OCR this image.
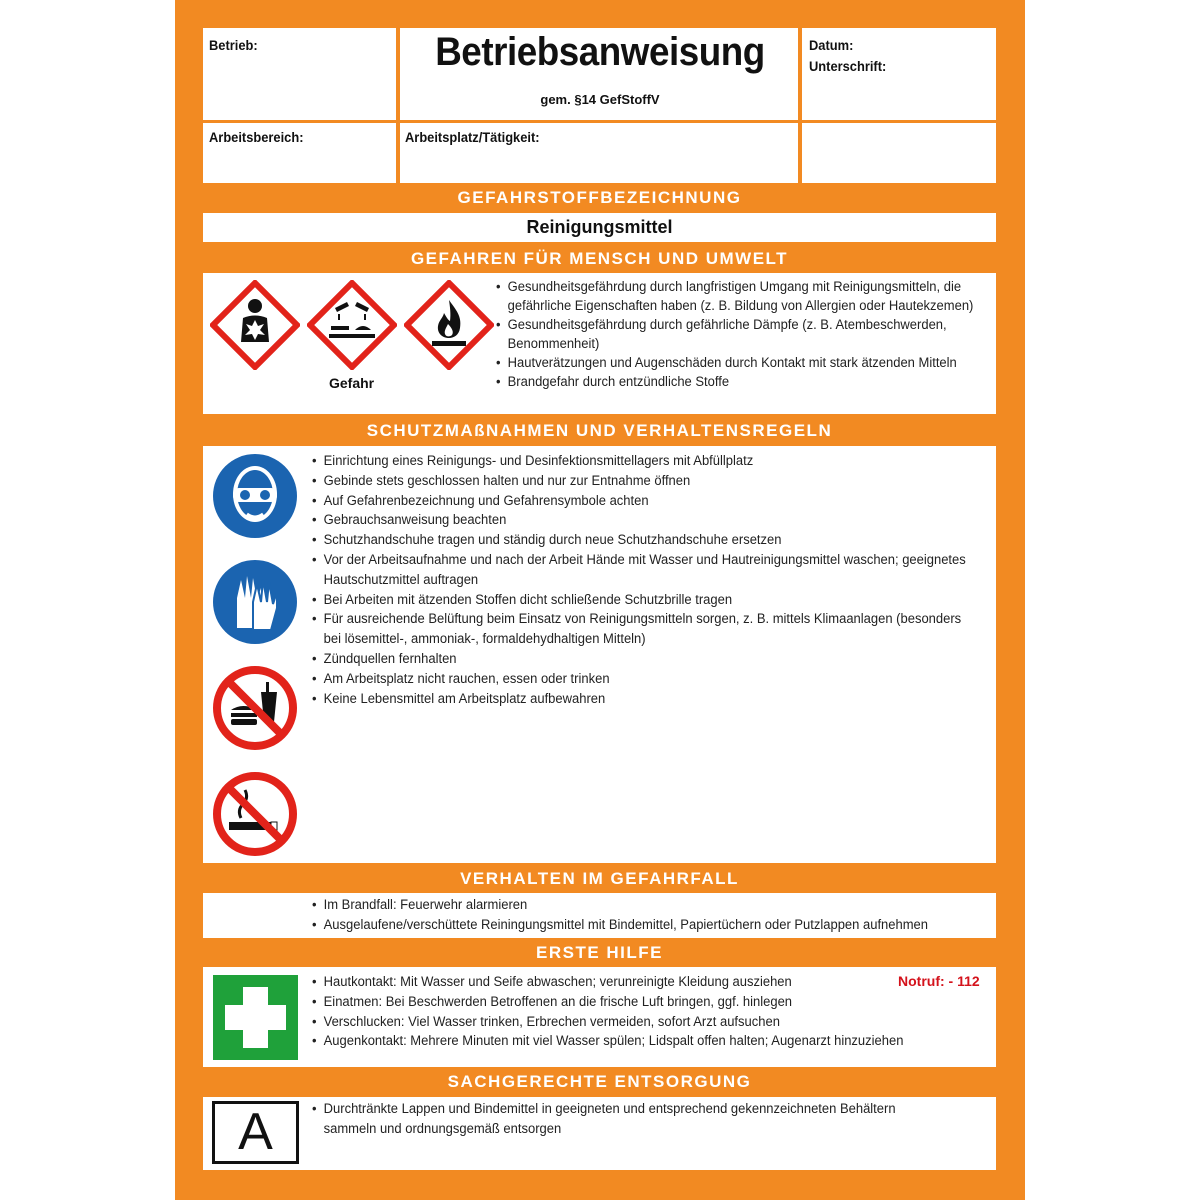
Betrieb:	Betriebsanweisung
gem. §14 GefStoffV
Datum:
Unterschrift:
Arbeitsbereich:	Arbeitsplatz/Tätigkeit:
GEFAHRSTOFFBEZEICHNUNG
Reinigungsmittel
GEFAHREN FÜR MENSCH UND UMWELT
Gefahr
• Gesundheitsgefährdung durch langfristigen Umgang mit Reinigungsmitteln, die gefährliche Eigenschaften haben (z. B. Bildung von Allergien oder Hautekzemen)
• Gesundheitsgefährdung durch gefährliche Dämpfe (z. B. Atembeschwerden, Benommenheit)
• Hautverätzungen und Augenschäden durch Kontakt mit stark ätzenden Mitteln
• Brandgefahr durch entzündliche Stoffe
SCHUTZMAßNAHMEN UND VERHALTENSREGELN
• Einrichtung eines Reinigungs- und Desinfektionsmittellagers mit Abfüllplatz
• Gebinde stets geschlossen halten und nur zur Entnahme öffnen
• Auf Gefahrenbezeichnung und Gefahrensymbole achten
• Gebrauchsanweisung beachten
• Schutzhandschuhe tragen und ständig durch neue Schutzhandschuhe ersetzen
• Vor der Arbeitsaufnahme und nach der Arbeit Hände mit Wasser und Hautreinigungsmittel waschen; geeignetes Hautschutzmittel auftragen
• Bei Arbeiten mit ätzenden Stoffen dicht schließende Schutzbrille tragen
• Für ausreichende Belüftung beim Einsatz von Reinigungsmitteln sorgen, z. B. mittels Klimaanlagen (besonders bei lösemittel-, ammoniak-, formaldehydhaltigen Mitteln)
• Zündquellen fernhalten
• Am Arbeitsplatz nicht rauchen, essen oder trinken
• Keine Lebensmittel am Arbeitsplatz aufbewahren
VERHALTEN IM GEFAHRFALL
• Im Brandfall: Feuerwehr alarmieren
• Ausgelaufene/verschüttete Reiningungsmittel mit Bindemittel, Papiertüchern oder Putzlappen aufnehmen
ERSTE HILFE
• Hautkontakt: Mit Wasser und Seife abwaschen; verunreinigte Kleidung ausziehen
• Einatmen: Bei Beschwerden Betroffenen an die frische Luft bringen, ggf. hinlegen
• Verschlucken: Viel Wasser trinken, Erbrechen vermeiden, sofort Arzt aufsuchen
• Augenkontakt: Mehrere Minuten mit viel Wasser spülen; Lidspalt offen halten; Augenarzt hinzuziehen
Notruf: - 112
SACHGERECHTE ENTSORGUNG
A	• Durchtränkte Lappen und Bindemittel in geeigneten und entsprechend gekennzeichneten Behältern sammeln und ordnungsgemäß entsorgen
